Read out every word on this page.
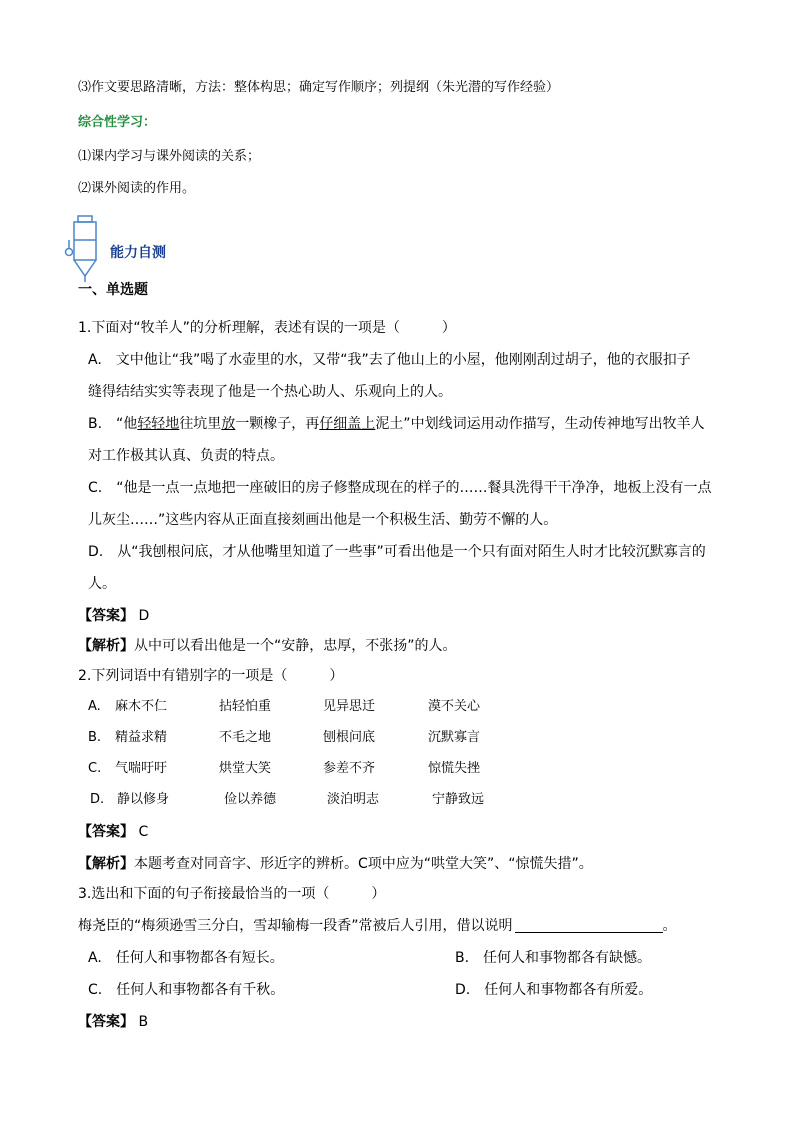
⑶作文要思路清晰，方法：整体构思；确定写作顺序；列提纲（朱光潜的写作经验）
综合性学习：
⑴课内学习与课外阅读的关系；
⑵课外阅读的作用。
能力自测
一、单选题
1.下面对“牧羊人”的分析理解，表述有误的一项是（　　　）
A.　文中他让“我”喝了水壶里的水，又带“我”去了他山上的小屋，他刚刚刮过胡子，他的衣服扣子
缝得结结实实等表现了他是一个热心助人、乐观向上的人。
B.　“他轻轻地往坑里放一颗橡子，再仔细盖上泥土”中划线词运用动作描写，生动传神地写出牧羊人
对工作极其认真、负责的特点。
C.　“他是一点一点地把一座破旧的房子修整成现在的样子的……餐具洗得干干净净，地板上没有一点
儿灰尘……”这些内容从正面直接刻画出他是一个积极生活、勤劳不懈的人。
D.　从“我刨根问底，才从他嘴里知道了一些事”可看出他是一个只有面对陌生人时才比较沉默寡言的
人。
【答案】 D
【解析】从中可以看出他是一个“安静，忠厚，不张扬”的人。
2.下列词语中有错别字的一项是（　　　）
A. 麻木不仁	拈轻怕重	见异思迁	漠不关心
B. 精益求精	不毛之地	刨根问底	沉默寡言
C. 气喘吁吁	烘堂大笑	参差不齐	惊慌失挫
D. 静以修身	俭以养德	淡泊明志	宁静致远
【答案】 C
【解析】本题考查对同音字、形近字的辨析。C项中应为“哄堂大笑”、“惊慌失措”。
3.选出和下面的句子衔接最恰当的一项（　　　）
梅尧臣的“梅须逊雪三分白，雪却输梅一段香”常被后人引用，借以说明	。
A.　任何人和事物都各有短长。	B.　任何人和事物都各有缺憾。
C.　任何人和事物都各有千秋。	D.　任何人和事物都各有所爱。
【答案】 B
